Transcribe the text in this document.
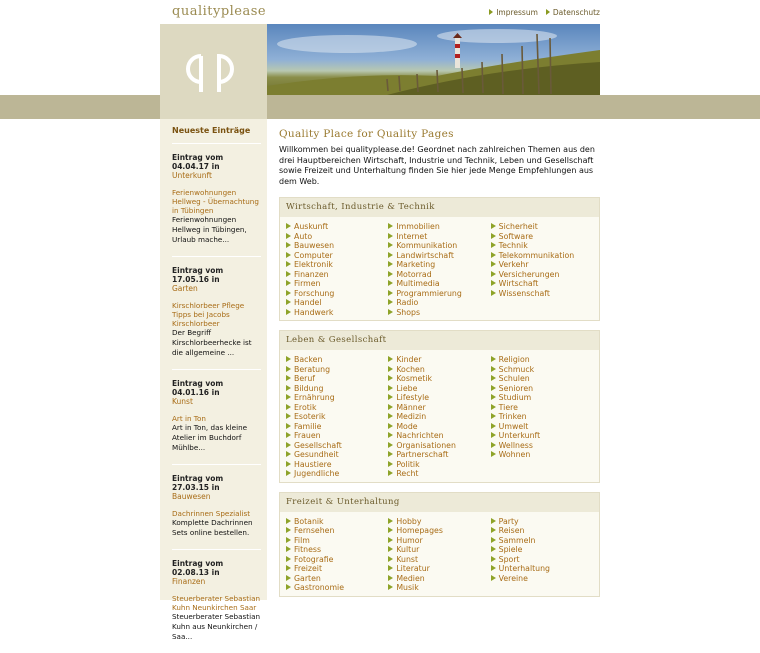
qualityplease	Impressum	Datenschutz
Neueste Einträge
Eintrag vom 04.04.17 in
Unterkunft
Ferienwohnungen Hellweg - Übernachtung in Tübingen
Ferienwohnungen Hellweg in Tübingen, Urlaub mache...
Eintrag vom 17.05.16 in
Garten
Kirschlorbeer Pflege Tipps bei Jacobs Kirschlorbeer
Der Begriff Kirschlorbeerhecke ist die allgemeine ...
Eintrag vom 04.01.16 in
Kunst
Art in Ton
Art in Ton, das kleine Atelier im Buchdorf Mühlbe...
Eintrag vom 27.03.15 in
Bauwesen
Dachrinnen Spezialist
Komplette Dachrinnen Sets online bestellen.
Eintrag vom 02.08.13 in
Finanzen
Steuerberater Sebastian Kuhn Neunkirchen Saar
Steuerberater Sebastian Kuhn aus Neunkirchen / Saa...
Quality Place for Quality Pages
Willkommen bei qualityplease.de! Geordnet nach zahlreichen Themen aus den drei Hauptbereichen Wirtschaft, Industrie und Technik, Leben und Gesellschaft sowie Freizeit und Unterhaltung finden Sie hier jede Menge Empfehlungen aus dem Web.
Wirtschaft, Industrie & Technik
Auskunft
Auto
Bauwesen
Computer
Elektronik
Finanzen
Firmen
Forschung
Handel
Handwerk
Immobilien
Internet
Kommunikation
Landwirtschaft
Marketing
Motorrad
Multimedia
Programmierung
Radio
Shops
Sicherheit
Software
Technik
Telekommunikation
Verkehr
Versicherungen
Wirtschaft
Wissenschaft
Leben & Gesellschaft
Backen
Beratung
Beruf
Bildung
Ernährung
Erotik
Esoterik
Familie
Frauen
Gesellschaft
Gesundheit
Haustiere
Jugendliche
Kinder
Kochen
Kosmetik
Liebe
Lifestyle
Männer
Medizin
Mode
Nachrichten
Organisationen
Partnerschaft
Politik
Recht
Religion
Schmuck
Schulen
Senioren
Studium
Tiere
Trinken
Umwelt
Unterkunft
Wellness
Wohnen
Freizeit & Unterhaltung
Botanik
Fernsehen
Film
Fitness
Fotografie
Freizeit
Garten
Gastronomie
Hobby
Homepages
Humor
Kultur
Kunst
Literatur
Medien
Musik
Party
Reisen
Sammeln
Spiele
Sport
Unterhaltung
Vereine
